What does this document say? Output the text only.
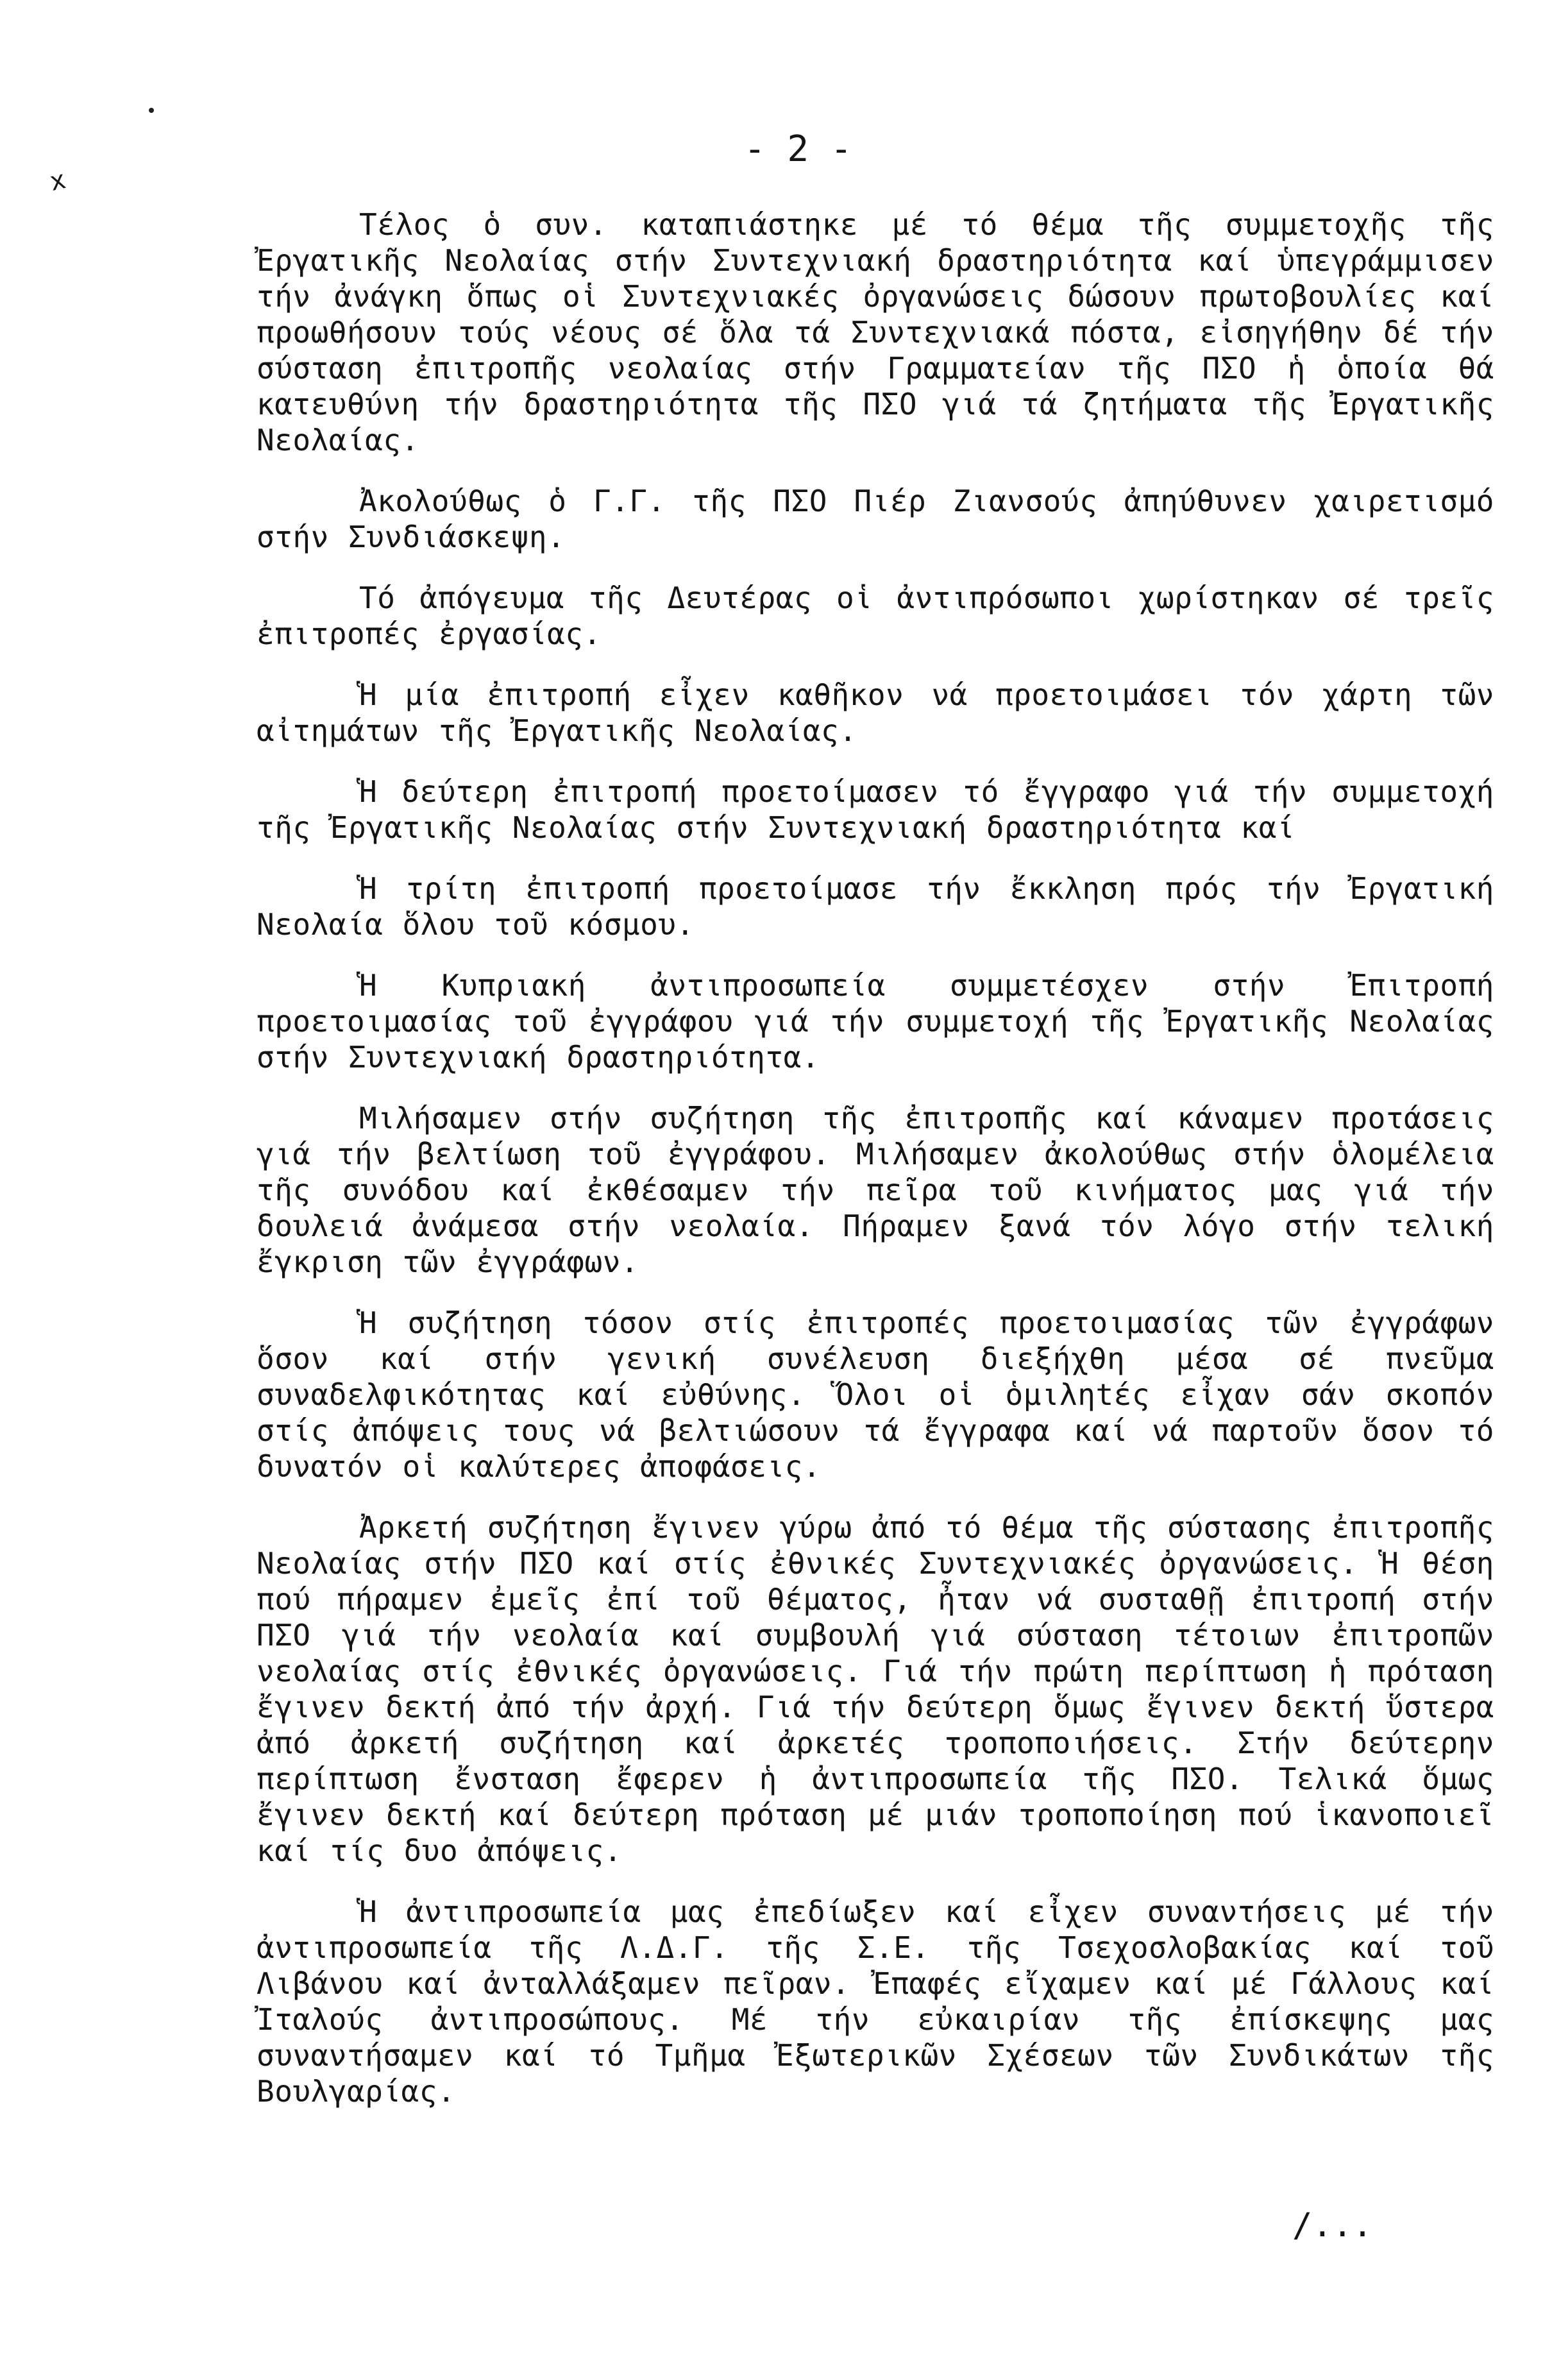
x
- 2 -

Τέλος ὁ συν. καταπιάστηκε μέ τό θέμα τῆς συμμετοχῆς τῆς Ἐργατικῆς Νεολαίας στήν Συντεχνιακή δραστηριότητα καί ὑπεγράμμισεν τήν ἀνάγκη ὅπως οἱ Συντεχνιακές ὀργανώσεις δώσουν πρωτοβουλίες καί προωθήσουν τούς νέους σέ ὅλα τά Συντεχνιακά πόστα, εἰσηγήθην δέ τήν σύσταση ἐπιτροπῆς νεολαίας στήν Γραμματείαν τῆς ΠΣΟ ἡ ὁποία θά κατευθύνη τήν δραστηριότητα τῆς ΠΣΟ γιά τά ζητήματα τῆς Ἐργατικῆς Νεολαίας.

Ἀκολούθως ὁ Γ.Γ. τῆς ΠΣΟ Πιέρ Ζιανσούς ἀπηύθυνεν χαιρετισμό στήν Συνδιάσκεψη.

Τό ἀπόγευμα τῆς Δευτέρας οἱ ἀντιπρόσωποι χωρίστηκαν σέ τρεῖς ἐπιτροπές ἐργασίας.

Ἡ μία ἐπιτροπή εἶχεν καθῆκον νά προετοιμάσει τόν χάρτη τῶν αἰτημάτων τῆς Ἐργατικῆς Νεολαίας.

Ἡ δεύτερη ἐπιτροπή προετοίμασεν τό ἔγγραφο γιά τήν συμμετοχή τῆς Ἐργατικῆς Νεολαίας στήν Συντεχνιακή δραστηριότητα καί

Ἡ τρίτη ἐπιτροπή προετοίμασε τήν ἔκκληση πρός τήν Ἐργατική Νεολαία ὅλου τοῦ κόσμου.

Ἡ Κυπριακή ἀντιπροσωπεία συμμετέσχεν στήν Ἐπιτροπή προετοιμασίας τοῦ ἐγγράφου γιά τήν συμμετοχή τῆς Ἐργατικῆς Νεολαίας στήν Συντεχνιακή δραστηριότητα.

Μιλήσαμεν στήν συζήτηση τῆς ἐπιτροπῆς καί κάναμεν προτάσεις γιά τήν βελτίωση τοῦ ἐγγράφου. Μιλήσαμεν ἀκολούθως στήν ὁλομέλεια τῆς συνόδου καί ἐκθέσαμεν τήν πεῖρα τοῦ κινήματος μας γιά τήν δουλειά ἀνάμεσα στήν νεολαία. Πήραμεν ξανά τόν λόγο στήν τελική ἔγκριση τῶν ἐγγράφων.

Ἡ συζήτηση τόσον στίς ἐπιτροπές προετοιμασίας τῶν ἐγγράφων ὅσον καί στήν γενική συνέλευση διεξήχθη μέσα σέ πνεῦμα συναδελφικότητας καί εὐθύνης. Ὅλοι οἱ ὁμιληtές εἶχαν σάν σκοπόν στίς ἀπόψεις τους νά βελτιώσουν τά ἔγγραφα καί νά παρτοῦν ὅσον τό δυνατόν οἱ καλύτερες ἀποφάσεις.

Ἀρκετή συζήτηση ἔγινεν γύρω ἀπό τό θέμα τῆς σύστασης ἐπιτροπῆς Νεολαίας στήν ΠΣΟ καί στίς ἐθνικές Συντεχνιακές ὀργανώσεις. Ἡ θέση πού πήραμεν ἐμεῖς ἐπί τοῦ θέματος, ἦταν νά συσταθῇ ἐπιτροπή στήν ΠΣΟ γιά τήν νεολαία καί συμβουλή γιά σύσταση τέτοιων ἐπιτροπῶν νεολαίας στίς ἐθνικές ὀργανώσεις. Γιά τήν πρώτη περίπτωση ἡ πρόταση ἔγινεν δεκτή ἀπό τήν ἀρχή. Γιά τήν δεύτερη ὅμως ἔγινεν δεκτή ὕστερα ἀπό ἀρκετή συζήτηση καί ἀρκετές τροποποιήσεις. Στήν δεύτερην περίπτωση ἔνσταση ἔφερεν ἡ ἀντιπροσωπεία τῆς ΠΣΟ. Τελικά ὅμως ἔγινεν δεκτή καί δεύτερη πρόταση μέ μιάν τροποποίηση πού ἱκανοποιεῖ καί τίς δυο ἀπόψεις.

Ἡ ἀντιπροσωπεία μας ἐπεδίωξεν καί εἶχεν συναντήσεις μέ τήν ἀντιπροσωπεία τῆς Λ.Δ.Γ. τῆς Σ.Ε. τῆς Τσεχοσλοβακίας καί τοῦ Λιβάνου καί ἀνταλλάξαμεν πεῖραν. Ἐπαφές εἴχαμεν καί μέ Γάλλους καί Ἰταλούς ἀντιπροσώπους. Μέ τήν εὐκαιρίαν τῆς ἐπίσκεψης μας συναντήσαμεν καί τό Τμῆμα Ἐξωτερικῶν Σχέσεων τῶν Συνδικάτων τῆς Βουλγαρίας.

/...
